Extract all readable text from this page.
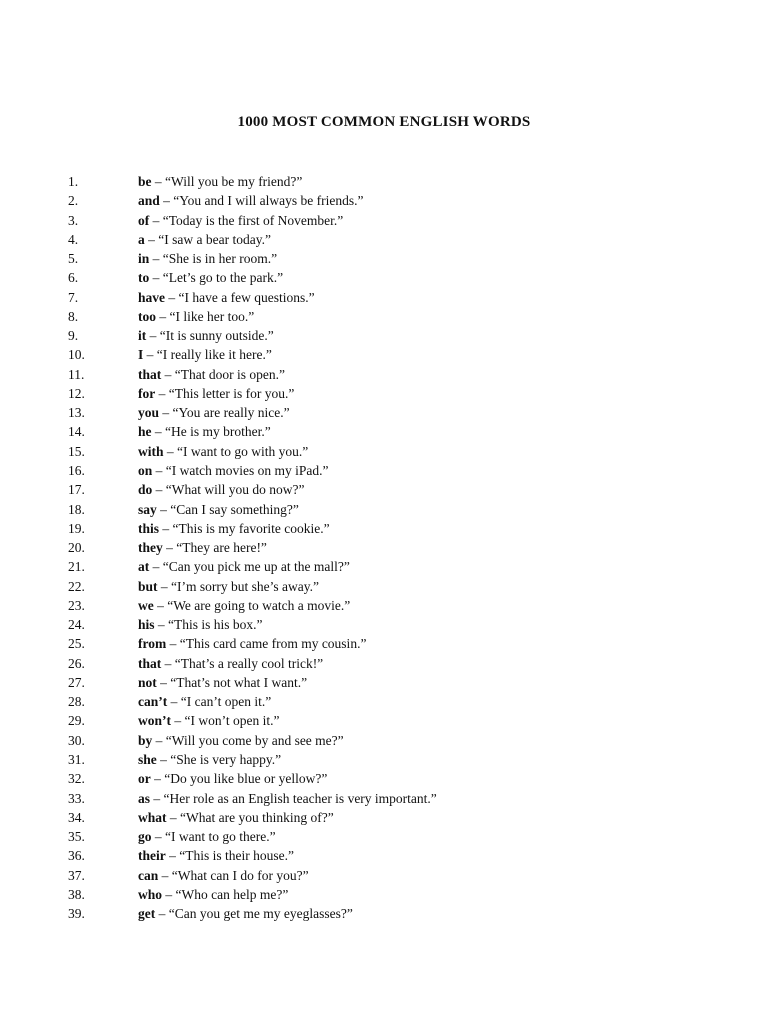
1000 MOST COMMON ENGLISH WORDS
1.	be – “Will you be my friend?”
2.	and – “You and I will always be friends.”
3.	of – “Today is the first of November.”
4.	a – “I saw a bear today.”
5.	in – “She is in her room.”
6.	to – “Let’s go to the park.”
7.	have – “I have a few questions.”
8.	too – “I like her too.”
9.	it – “It is sunny outside.”
10.	I – “I really like it here.”
11.	that – “That door is open.”
12.	for – “This letter is for you.”
13.	you – “You are really nice.”
14.	he – “He is my brother.”
15.	with – “I want to go with you.”
16.	on – “I watch movies on my iPad.”
17.	do – “What will you do now?”
18.	say – “Can I say something?”
19.	this – “This is my favorite cookie.”
20.	they – “They are here!”
21.	at – “Can you pick me up at the mall?”
22.	but – “I’m sorry but she’s away.”
23.	we – “We are going to watch a movie.”
24.	his – “This is his box.”
25.	from – “This card came from my cousin.”
26.	that – “That’s a really cool trick!”
27.	not – “That’s not what I want.”
28.	can’t – “I can’t open it.”
29.	won’t – “I won’t open it.”
30.	by – “Will you come by and see me?”
31.	she – “She is very happy.”
32.	or – “Do you like blue or yellow?”
33.	as – “Her role as an English teacher is very important.”
34.	what – “What are you thinking of?”
35.	go – “I want to go there.”
36.	their – “This is their house.”
37.	can – “What can I do for you?”
38.	who – “Who can help me?”
39.	get – “Can you get me my eyeglasses?”
